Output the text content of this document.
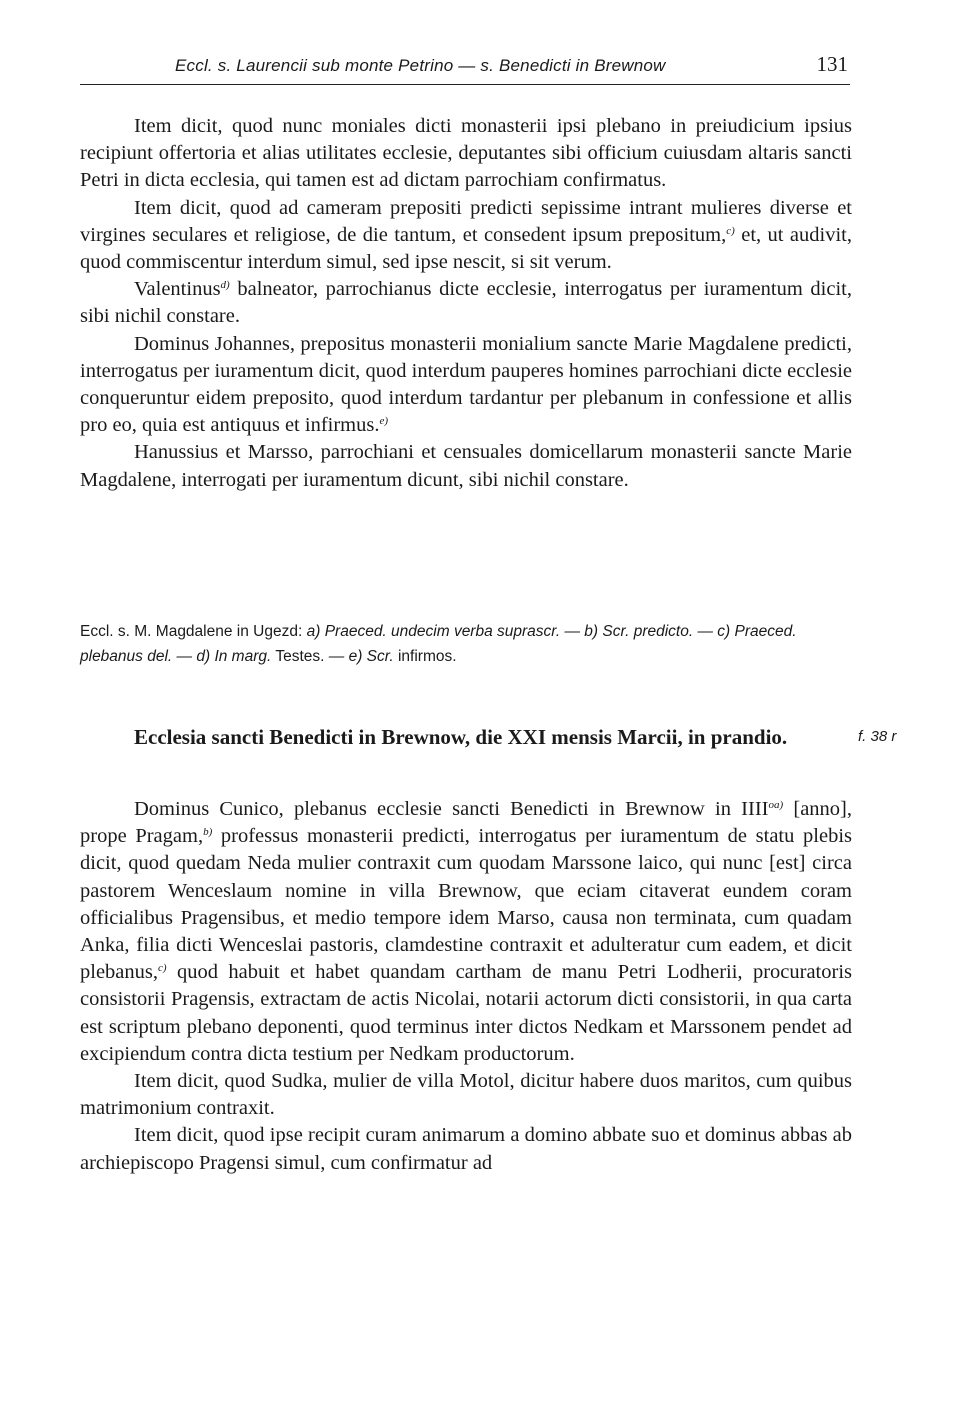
Eccl. s. Laurencii sub monte Petrino — s. Benedicti in Brewnow	131

Item dicit, quod nunc moniales dicti monasterii ipsi plebano in preiudicium ipsius recipiunt offertoria et alias utilitates ecclesie, deputantes sibi officium cuiusdam altaris sancti Petri in dicta ecclesia, qui tamen est ad dictam parrochiam confirmatus.

Item dicit, quod ad cameram prepositi predicti sepissime intrant mulieres diverse et virgines seculares et religiose, de die tantum, et consedent ipsum prepositum,$^{c)}$ et, ut audivit, quod commiscentur interdum simul, sed ipse nescit, si sit verum.

Valentinus$^{d)}$ balneator, parrochianus dicte ecclesie, interrogatus per iuramentum dicit, sibi nichil constare.

Dominus Johannes, prepositus monasterii monialium sancte Marie Magdalene predicti, interrogatus per iuramentum dicit, quod interdum pauperes homines parrochiani dicte ecclesie conqueruntur eidem preposito, quod interdum tardantur per plebanum in confessione et allis pro eo, quia est antiquus et infirmus.$^{e)}$

Hanussius et Marsso, parrochiani et censuales domicellarum monasterii sancte Marie Magdalene, interrogati per iuramentum dicunt, sibi nichil constare.

Eccl. s. M. Magdalene in Ugezd: a) Praeced. undecim verba suprascr. — b) Scr. predicto. — c) Praeced. plebanus del. — d) In marg. Testes. — e) Scr. infirmos.
Ecclesia sancti Benedicti in Brewnow, die XXI mensis Marcii, in prandio.	f. 38 r

Dominus Cunico, plebanus ecclesie sancti Benedicti in Brewnow in $IIII^{oa)}$ [anno], prope Pragam,$^{b)}$ professus monasterii predicti, interrogatus per iuramentum de statu plebis dicit, quod quedam Neda mulier contraxit cum quodam Marssone laico, qui nunc [est] circa pastorem Wenceslaum nomine in villa Brewnow, que eciam citaverat eundem coram officialibus Pragensibus, et medio tempore idem Marso, causa non terminata, cum quadam Anka, filia dicti Wenceslai pastoris, clamdestine contraxit et adulteratur cum eadem, et dicit plebanus,$^{c)}$ quod habuit et habet quandam cartham de manu Petri Lodherii, procuratoris consistorii Pragensis, extractam de actis Nicolai, notarii actorum dicti consistorii, in qua carta est scriptum plebano deponenti, quod terminus inter dictos Nedkam et Marssonem pendet ad excipiendum contra dicta testium per Nedkam productorum.

Item dicit, quod Sudka, mulier de villa Motol, dicitur habere duos maritos, cum quibus matrimonium contraxit.

Item dicit, quod ipse recipit curam animarum a domino abbate suo et dominus abbas ab archiepiscopo Pragensi simul, cum confirmatur ad
